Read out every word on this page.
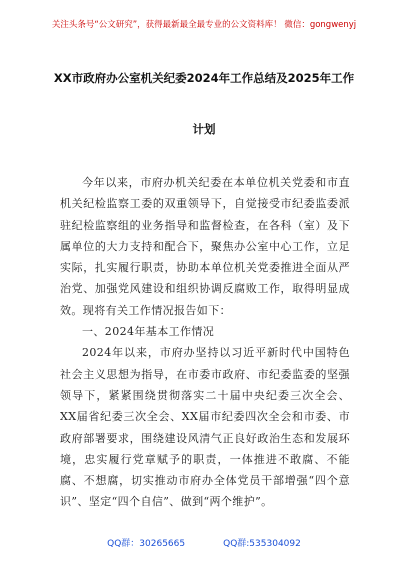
关注头条号“公文研究”，获得最新最全最专业的公文资料库！ 微信：gongwenyj
XX市政府办公室机关纪委2024年工作总结及2025年工作
计划

今年以来，市府办机关纪委在本单位机关党委和市直机关纪检监察工委的双重领导下，自觉接受市纪委监委派驻纪检监察组的业务指导和监督检查，在各科（室）及下属单位的大力支持和配合下，聚焦办公室中心工作，立足实际，扎实履行职责，协助本单位机关党委推进全面从严治党、加强党风建设和组织协调反腐败工作，取得明显成效。现将有关工作情况报告如下：

一、2024年基本工作情况

2024年以来，市府办坚持以习近平新时代中国特色社会主义思想为指导，在市委市政府、市纪委监委的坚强领导下，紧紧围绕贯彻落实二十届中央纪委三次全会、XX届省纪委三次全会、XX届市纪委四次全会和市委、市政府部署要求，围绕建设风清气正良好政治生态和发展环境，忠实履行党章赋予的职责，一体推进不敢腐、不能腐、不想腐，切实推动市府办全体党员干部增强“四个意识”、坚定“四个自信”、做到“两个维护”。

QQ群：30265665	QQ群:535304092
